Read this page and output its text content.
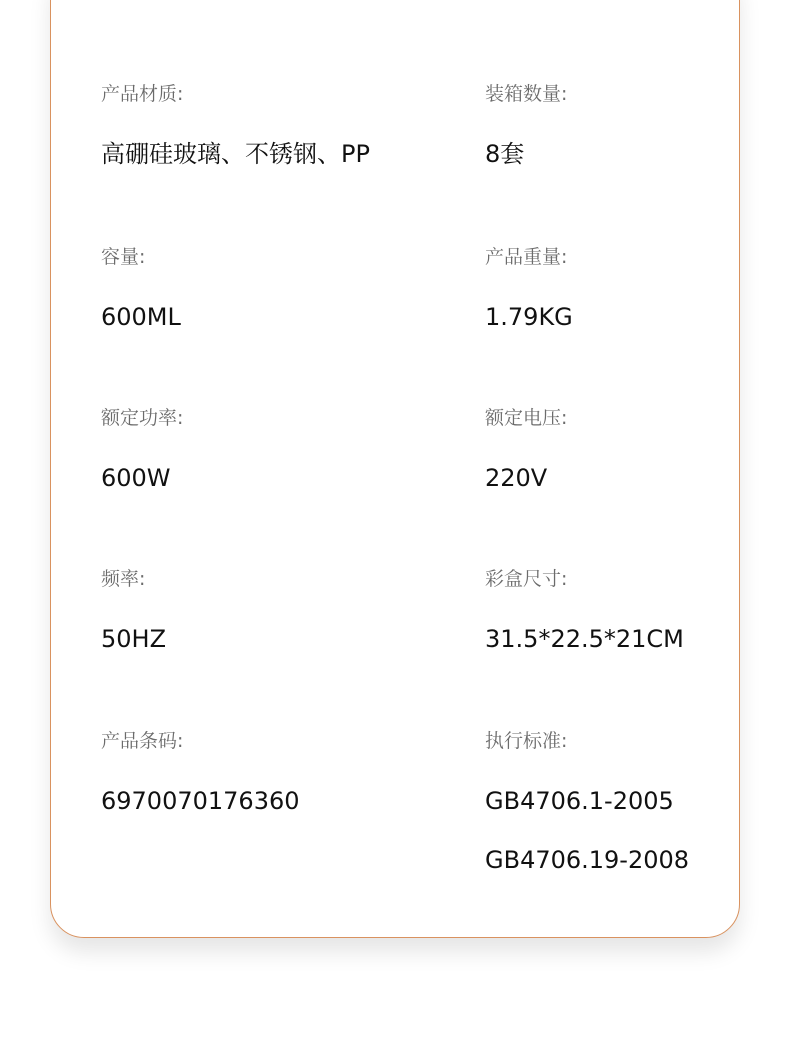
产品材质:
高硼硅玻璃、不锈钢、PP
装箱数量:
8套
容量:
600ML
产品重量:
1.79KG
额定功率:
600W
额定电压:
220V
频率:
50HZ
彩盒尺寸:
31.5*22.5*21CM
产品条码:
6970070176360
执行标准:
GB4706.1-2005
GB4706.19-2008
